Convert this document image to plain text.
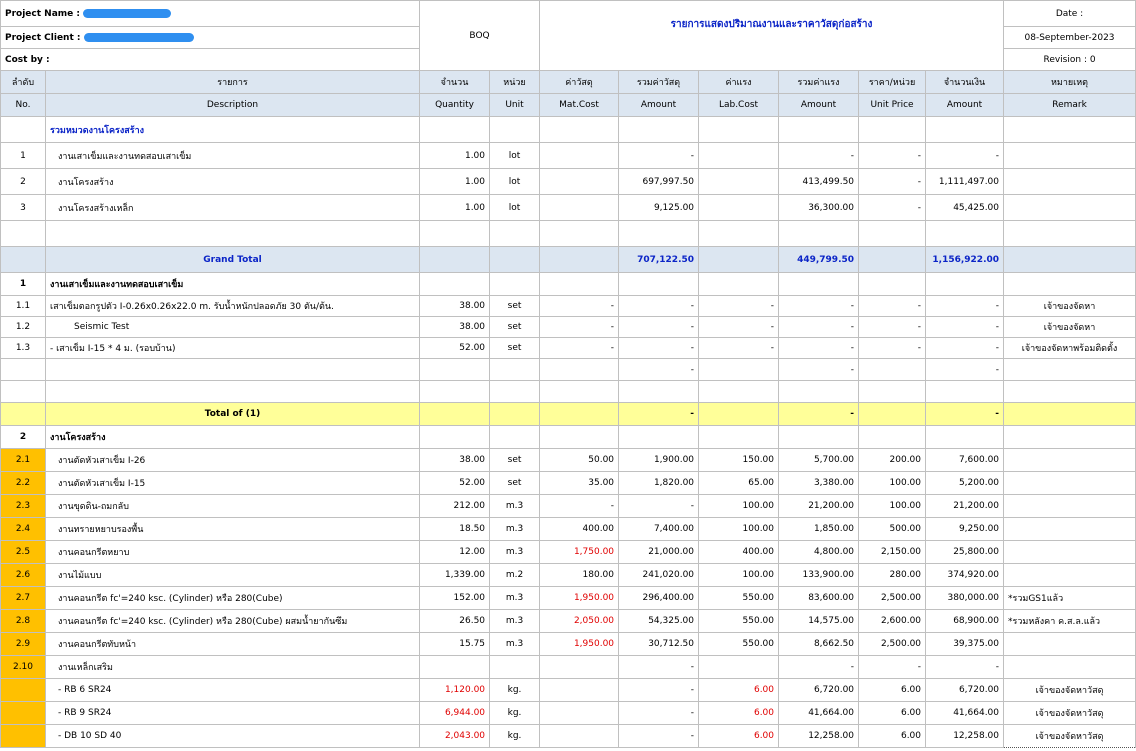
Project Name :		BOQ		รายการแสดงปริมาณงานและราคาวัสดุก่อสร้าง						Date :
Project Client :										08-September-2023
Cost by :										Revision : 0
ลำดับ	รายการ	จำนวน	หน่วย	ค่าวัสดุ	รวมค่าวัสดุ	ค่าแรง	รวมค่าแรง	ราคา/หน่วย	จำนวนเงิน	หมายเหตุ
No.	Description	Quantity	Unit	Mat.Cost	Amount	Lab.Cost	Amount	Unit Price	Amount	Remark
	รวมหมวดงานโครงสร้าง									
1	งานเสาเข็มและงานทดสอบเสาเข็ม	1.00	lot		-		-	-	-	
2	งานโครงสร้าง	1.00	lot		697,997.50		413,499.50	-	1,111,497.00	
3	งานโครงสร้างเหล็ก	1.00	lot		9,125.00		36,300.00	-	45,425.00	

	Grand Total				707,122.50		449,799.50		1,156,922.00	
1	งานเสาเข็มและงานทดสอบเสาเข็ม									
1.1	เสาเข็มตอกรูปตัว I-0.26x0.26x22.0 m. รับน้ำหนักปลอดภัย 30 ตัน/ต้น.	38.00	set	-	-	-	-	-	-	เจ้าของจัดหา
1.2	Seismic Test	38.00	set	-	-	-	-	-	-	เจ้าของจัดหา
1.3	- เสาเข็ม I-15 * 4 ม. (รอบบ้าน)	52.00	set	-	-	-	-	-	-	เจ้าของจัดหาพร้อมติดตั้ง
					-		-		-	

	Total of (1)				-		-		-	
2	งานโครงสร้าง									
2.1	งานตัดหัวเสาเข็ม I-26	38.00	set	50.00	1,900.00	150.00	5,700.00	200.00	7,600.00	
2.2	งานตัดหัวเสาเข็ม I-15	52.00	set	35.00	1,820.00	65.00	3,380.00	100.00	5,200.00	
2.3	งานขุดดิน-ถมกลับ	212.00	m.3	-	-	100.00	21,200.00	100.00	21,200.00	
2.4	งานทรายหยาบรองพื้น	18.50	m.3	400.00	7,400.00	100.00	1,850.00	500.00	9,250.00	
2.5	งานคอนกรีตหยาบ	12.00	m.3	1,750.00	21,000.00	400.00	4,800.00	2,150.00	25,800.00	
2.6	งานไม้แบบ	1,339.00	m.2	180.00	241,020.00	100.00	133,900.00	280.00	374,920.00	
2.7	งานคอนกรีต fc'=240 ksc. (Cylinder) หรือ 280(Cube)	152.00	m.3	1,950.00	296,400.00	550.00	83,600.00	2,500.00	380,000.00	*รวมGS1แล้ว
2.8	งานคอนกรีต fc'=240 ksc. (Cylinder) หรือ 280(Cube) ผสมน้ำยากันซึม	26.50	m.3	2,050.00	54,325.00	550.00	14,575.00	2,600.00	68,900.00	*รวมหลังคา ค.ส.ล.แล้ว
2.9	งานคอนกรีตทับหน้า	15.75	m.3	1,950.00	30,712.50	550.00	8,662.50	2,500.00	39,375.00	
2.10	งานเหล็กเสริม				-		-	-	-	
	- RB 6 SR24	1,120.00	kg.		-	6.00	6,720.00	6.00	6,720.00	เจ้าของจัดหาวัสดุ
	- RB 9 SR24	6,944.00	kg.		-	6.00	41,664.00	6.00	41,664.00	เจ้าของจัดหาวัสดุ
	- DB 10 SD 40	2,043.00	kg.		-	6.00	12,258.00	6.00	12,258.00	เจ้าของจัดหาวัสดุ
